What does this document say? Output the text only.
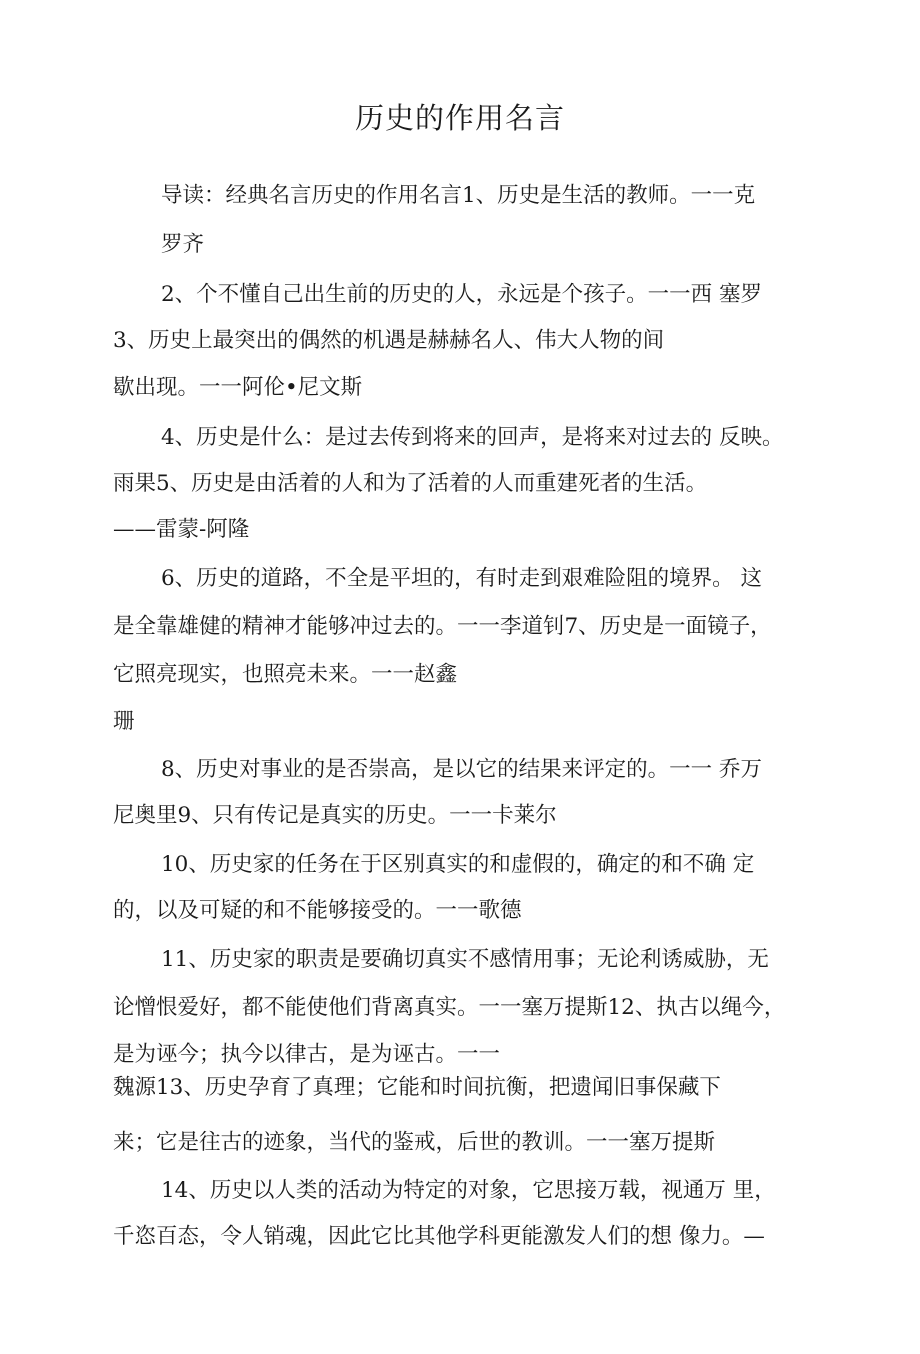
历史的作用名言
导读：经典名言历史的作用名言1、历史是生活的教师。一一克
罗齐
2、个不懂自己出生前的历史的人，永远是个孩子。一一西 塞罗
3、历史上最突出的偶然的机遇是赫赫名人、伟大人物的间
歇出现。一一阿伦•尼文斯
4、历史是什么：是过去传到将来的回声，是将来对过去的 反映。
雨果5、历史是由活着的人和为了活着的人而重建死者的生活。
——雷蒙-阿隆
6、历史的道路，不全是平坦的，有时走到艰难险阻的境界。 这
是全靠雄健的精神才能够冲过去的。一一李道钊7、历史是一面镜子，
它照亮现实，也照亮未来。一一赵鑫
珊
8、历史对事业的是否崇高，是以它的结果来评定的。一一 乔万
尼奥里9、只有传记是真实的历史。一一卡莱尔
10、历史家的任务在于区别真实的和虚假的，确定的和不确 定
的，以及可疑的和不能够接受的。一一歌德
11、历史家的职责是要确切真实不感情用事；无论利诱威胁，无
论憎恨爱好，都不能使他们背离真实。一一塞万提斯12、执古以绳今，
是为诬今；执今以律古，是为诬古。一一
魏源13、历史孕育了真理；它能和时间抗衡，把遗闻旧事保藏下
来；它是往古的迹象，当代的鉴戒，后世的教训。一一塞万提斯
14、历史以人类的活动为特定的对象，它思接万载，视通万 里，
千恣百态，令人销魂，因此它比其他学科更能激发人们的想 像力。—
